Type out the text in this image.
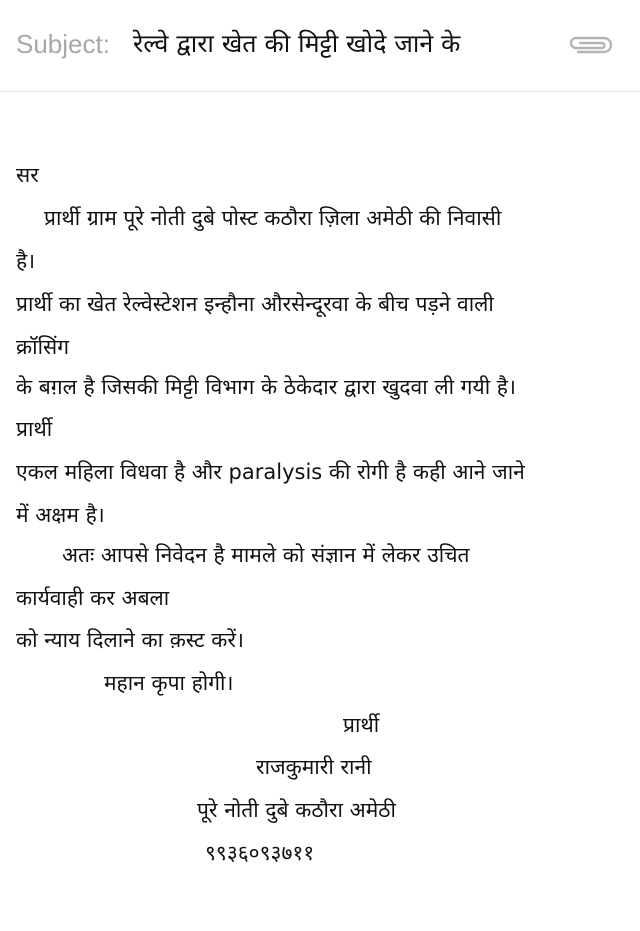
Subject: रेल्वे द्वारा खेत की मिट्टी खोदे जाने के
सर
प्रार्थी ग्राम पूरे नोती दुबे पोस्ट कठौरा ज़िला अमेठी की निवासी
है।
प्रार्थी का खेत रेल्वेस्टेशन इन्हौना औरसेन्दूरवा के बीच पड़ने वाली
क्रॉसिंग
के बग़ल है जिसकी मिट्टी विभाग के ठेकेदार द्वारा खुदवा ली गयी है।
प्रार्थी
एकल महिला विधवा है और paralysis की रोगी है कही आने जाने
में अक्षम है।
अतः आपसे निवेदन है मामले को संज्ञान में लेकर उचित
कार्यवाही कर अबला
को न्याय दिलाने का क़स्ट करें।
महान कृपा होगी।
प्रार्थी
राजकुमारी रानी
पूरे नोती दुबे कठौरा अमेठी
९९३६०९३७११
